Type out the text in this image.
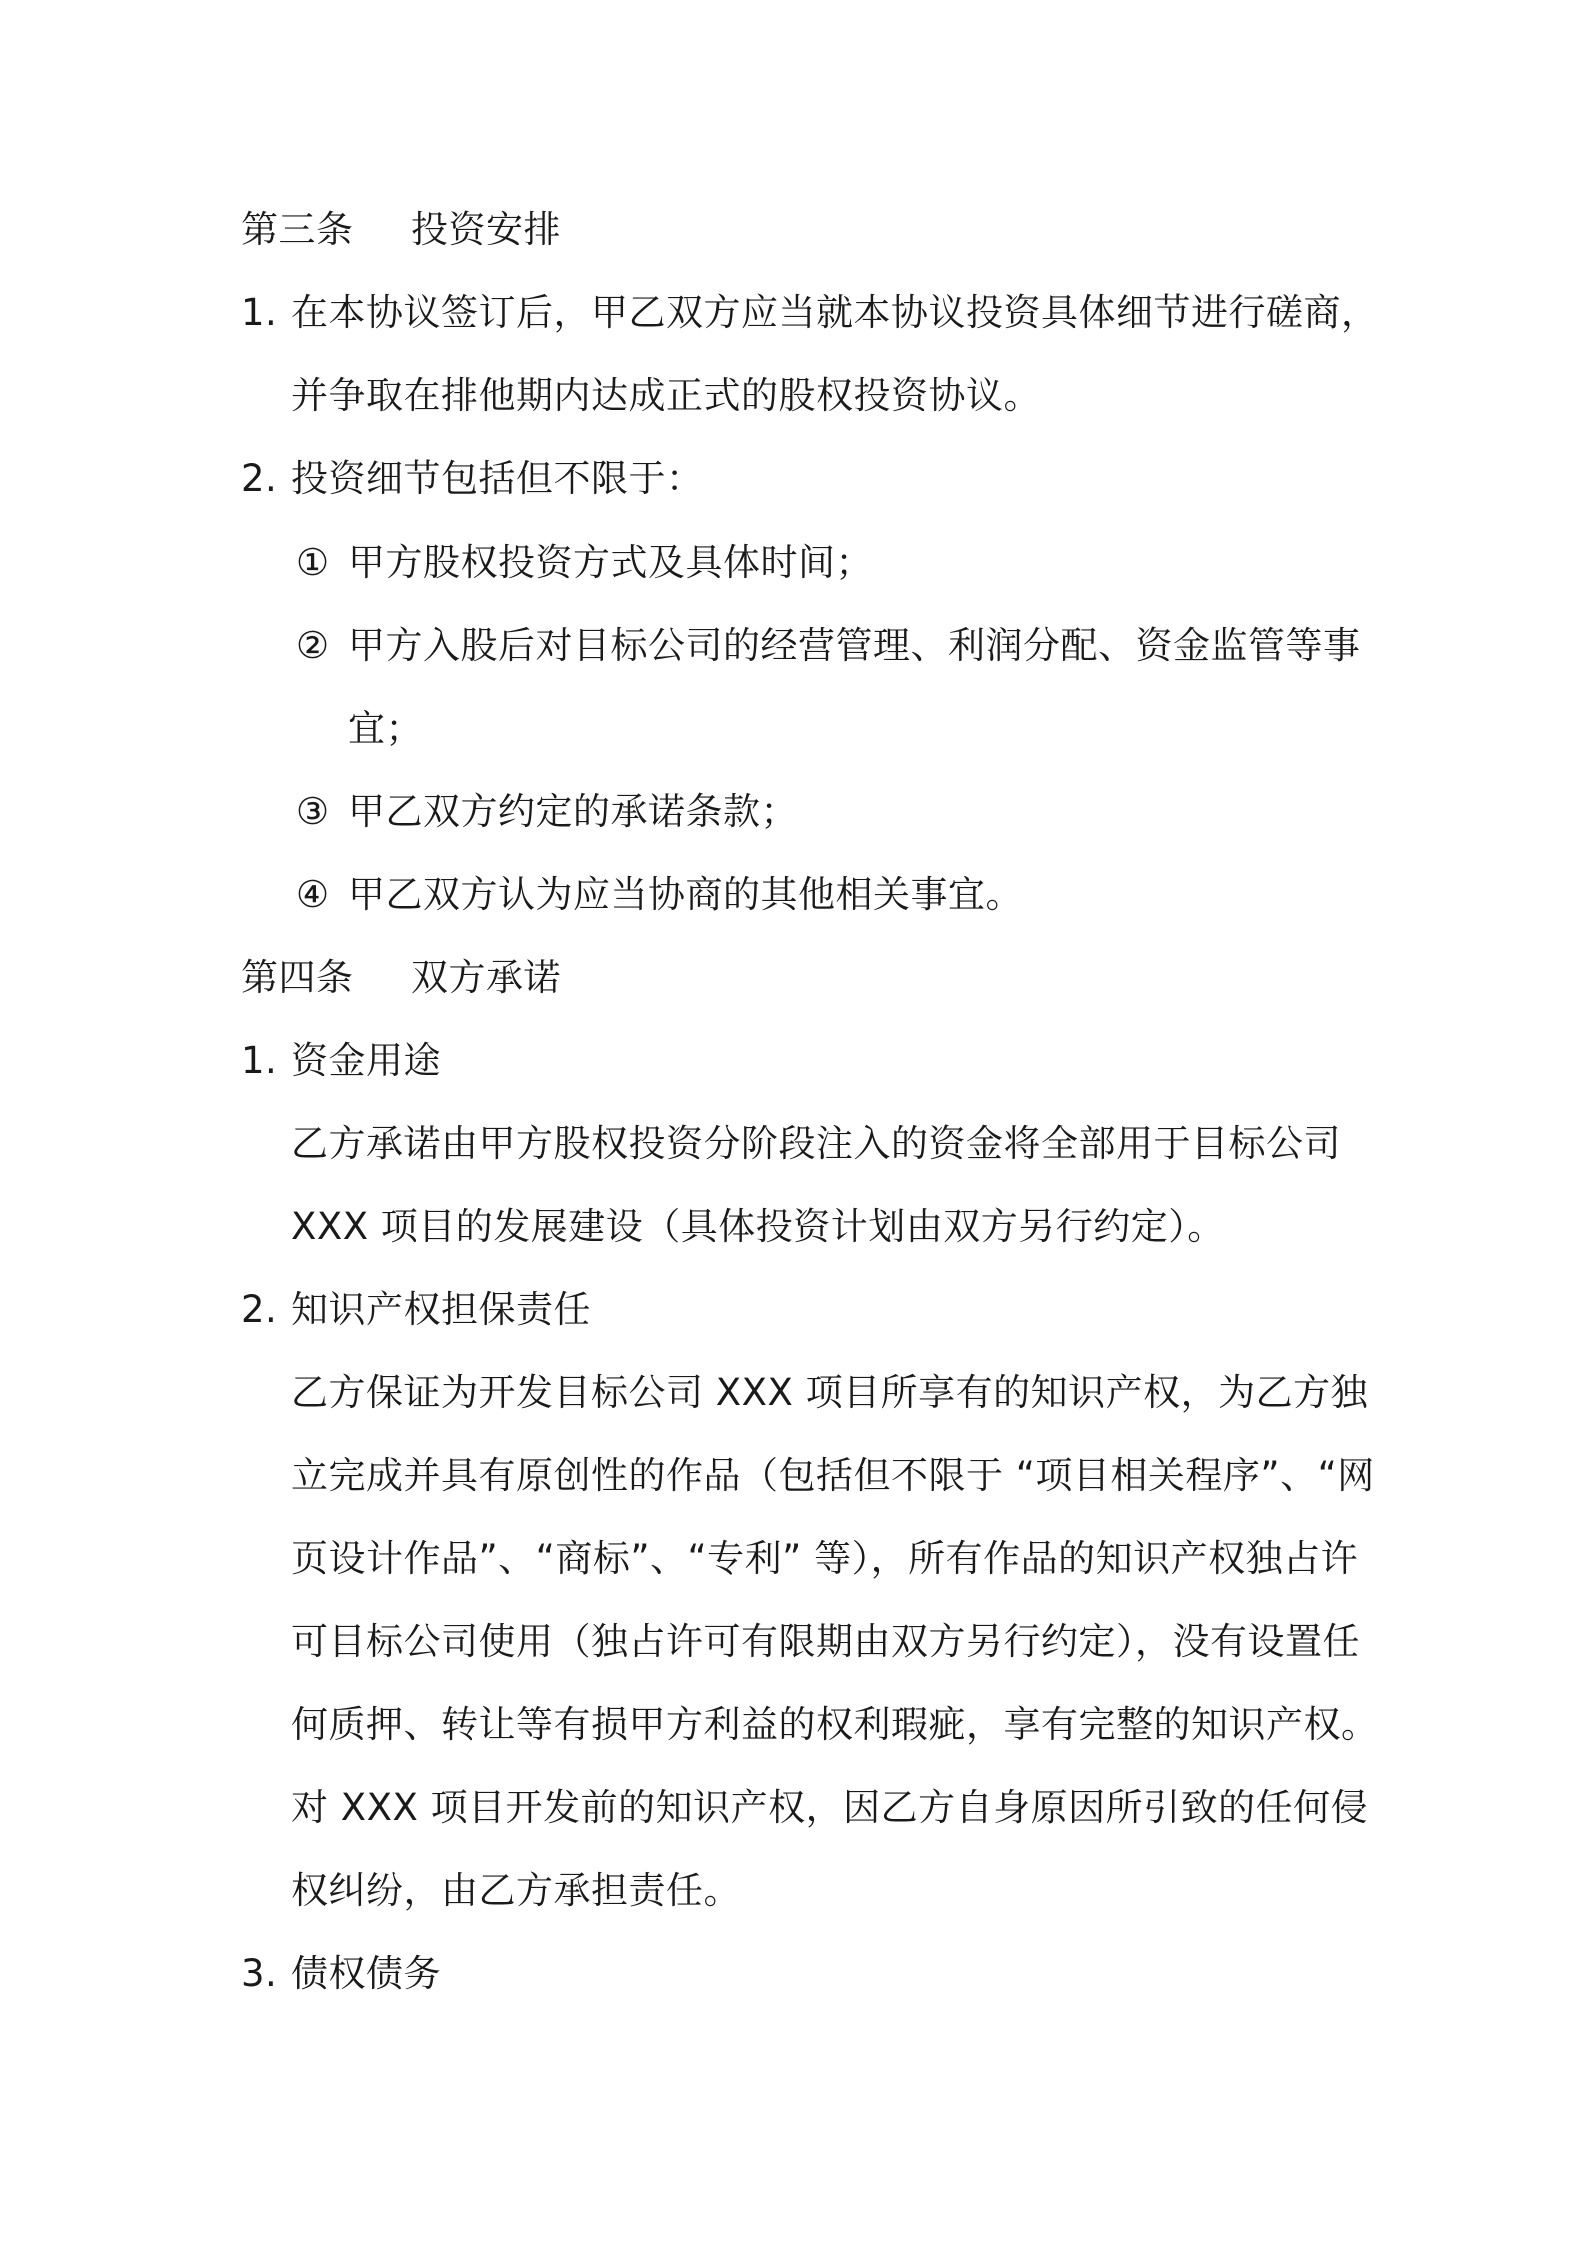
第三条 投资安排
1. 在本协议签订后，甲乙双方应当就本协议投资具体细节进行磋商，
并争取在排他期内达成正式的股权投资协议。
2. 投资细节包括但不限于：
① 甲方股权投资方式及具体时间；
② 甲方入股后对目标公司的经营管理、利润分配、资金监管等事
宜；
③ 甲乙双方约定的承诺条款；
④ 甲乙双方认为应当协商的其他相关事宜。
第四条 双方承诺
1. 资金用途
乙方承诺由甲方股权投资分阶段注入的资金将全部用于目标公司
XXX 项目的发展建设（具体投资计划由双方另行约定）。
2. 知识产权担保责任
乙方保证为开发目标公司 XXX 项目所享有的知识产权，为乙方独
立完成并具有原创性的作品（包括但不限于 “项目相关程序”、“网
页设计作品”、“商标”、“专利” 等），所有作品的知识产权独占许
可目标公司使用（独占许可有限期由双方另行约定），没有设置任
何质押、转让等有损甲方利益的权利瑕疵，享有完整的知识产权。
对 XXX 项目开发前的知识产权，因乙方自身原因所引致的任何侵
权纠纷，由乙方承担责任。
3. 债权债务
